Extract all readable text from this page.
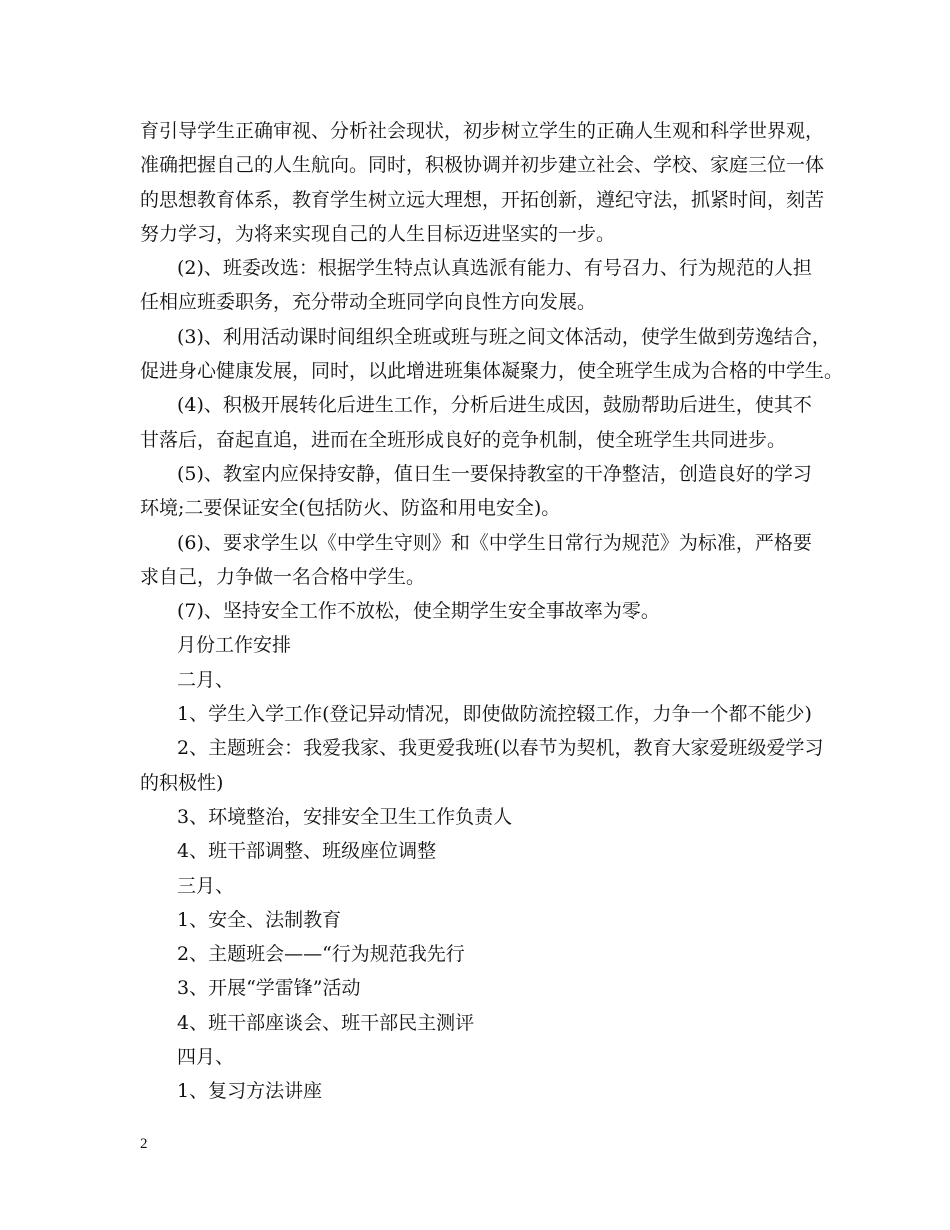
育引导学生正确审视、分析社会现状，初步树立学生的正确人生观和科学世界观，
准确把握自己的人生航向。同时，积极协调并初步建立社会、学校、家庭三位一体
的思想教育体系，教育学生树立远大理想，开拓创新，遵纪守法，抓紧时间，刻苦
努力学习，为将来实现自己的人生目标迈进坚实的一步。
(2)、班委改选：根据学生特点认真选派有能力、有号召力、行为规范的人担
任相应班委职务，充分带动全班同学向良性方向发展。
(3)、利用活动课时间组织全班或班与班之间文体活动，使学生做到劳逸结合，
促进身心健康发展，同时，以此增进班集体凝聚力，使全班学生成为合格的中学生。
(4)、积极开展转化后进生工作，分析后进生成因，鼓励帮助后进生，使其不
甘落后，奋起直追，进而在全班形成良好的竞争机制，使全班学生共同进步。
(5)、教室内应保持安静，值日生一要保持教室的干净整洁，创造良好的学习
环境;二要保证安全(包括防火、防盗和用电安全)。
(6)、要求学生以《中学生守则》和《中学生日常行为规范》为标准，严格要
求自己，力争做一名合格中学生。
(7)、坚持安全工作不放松，使全期学生安全事故率为零。
月份工作安排
二月、
1、学生入学工作(登记异动情况，即使做防流控辍工作，力争一个都不能少)
2、主题班会：我爱我家、我更爱我班(以春节为契机，教育大家爱班级爱学习
的积极性)
3、环境整治，安排安全卫生工作负责人
4、班干部调整、班级座位调整
三月、
1、安全、法制教育
2、主题班会——“行为规范我先行
3、开展“学雷锋”活动
4、班干部座谈会、班干部民主测评
四月、
1、复习方法讲座
2
